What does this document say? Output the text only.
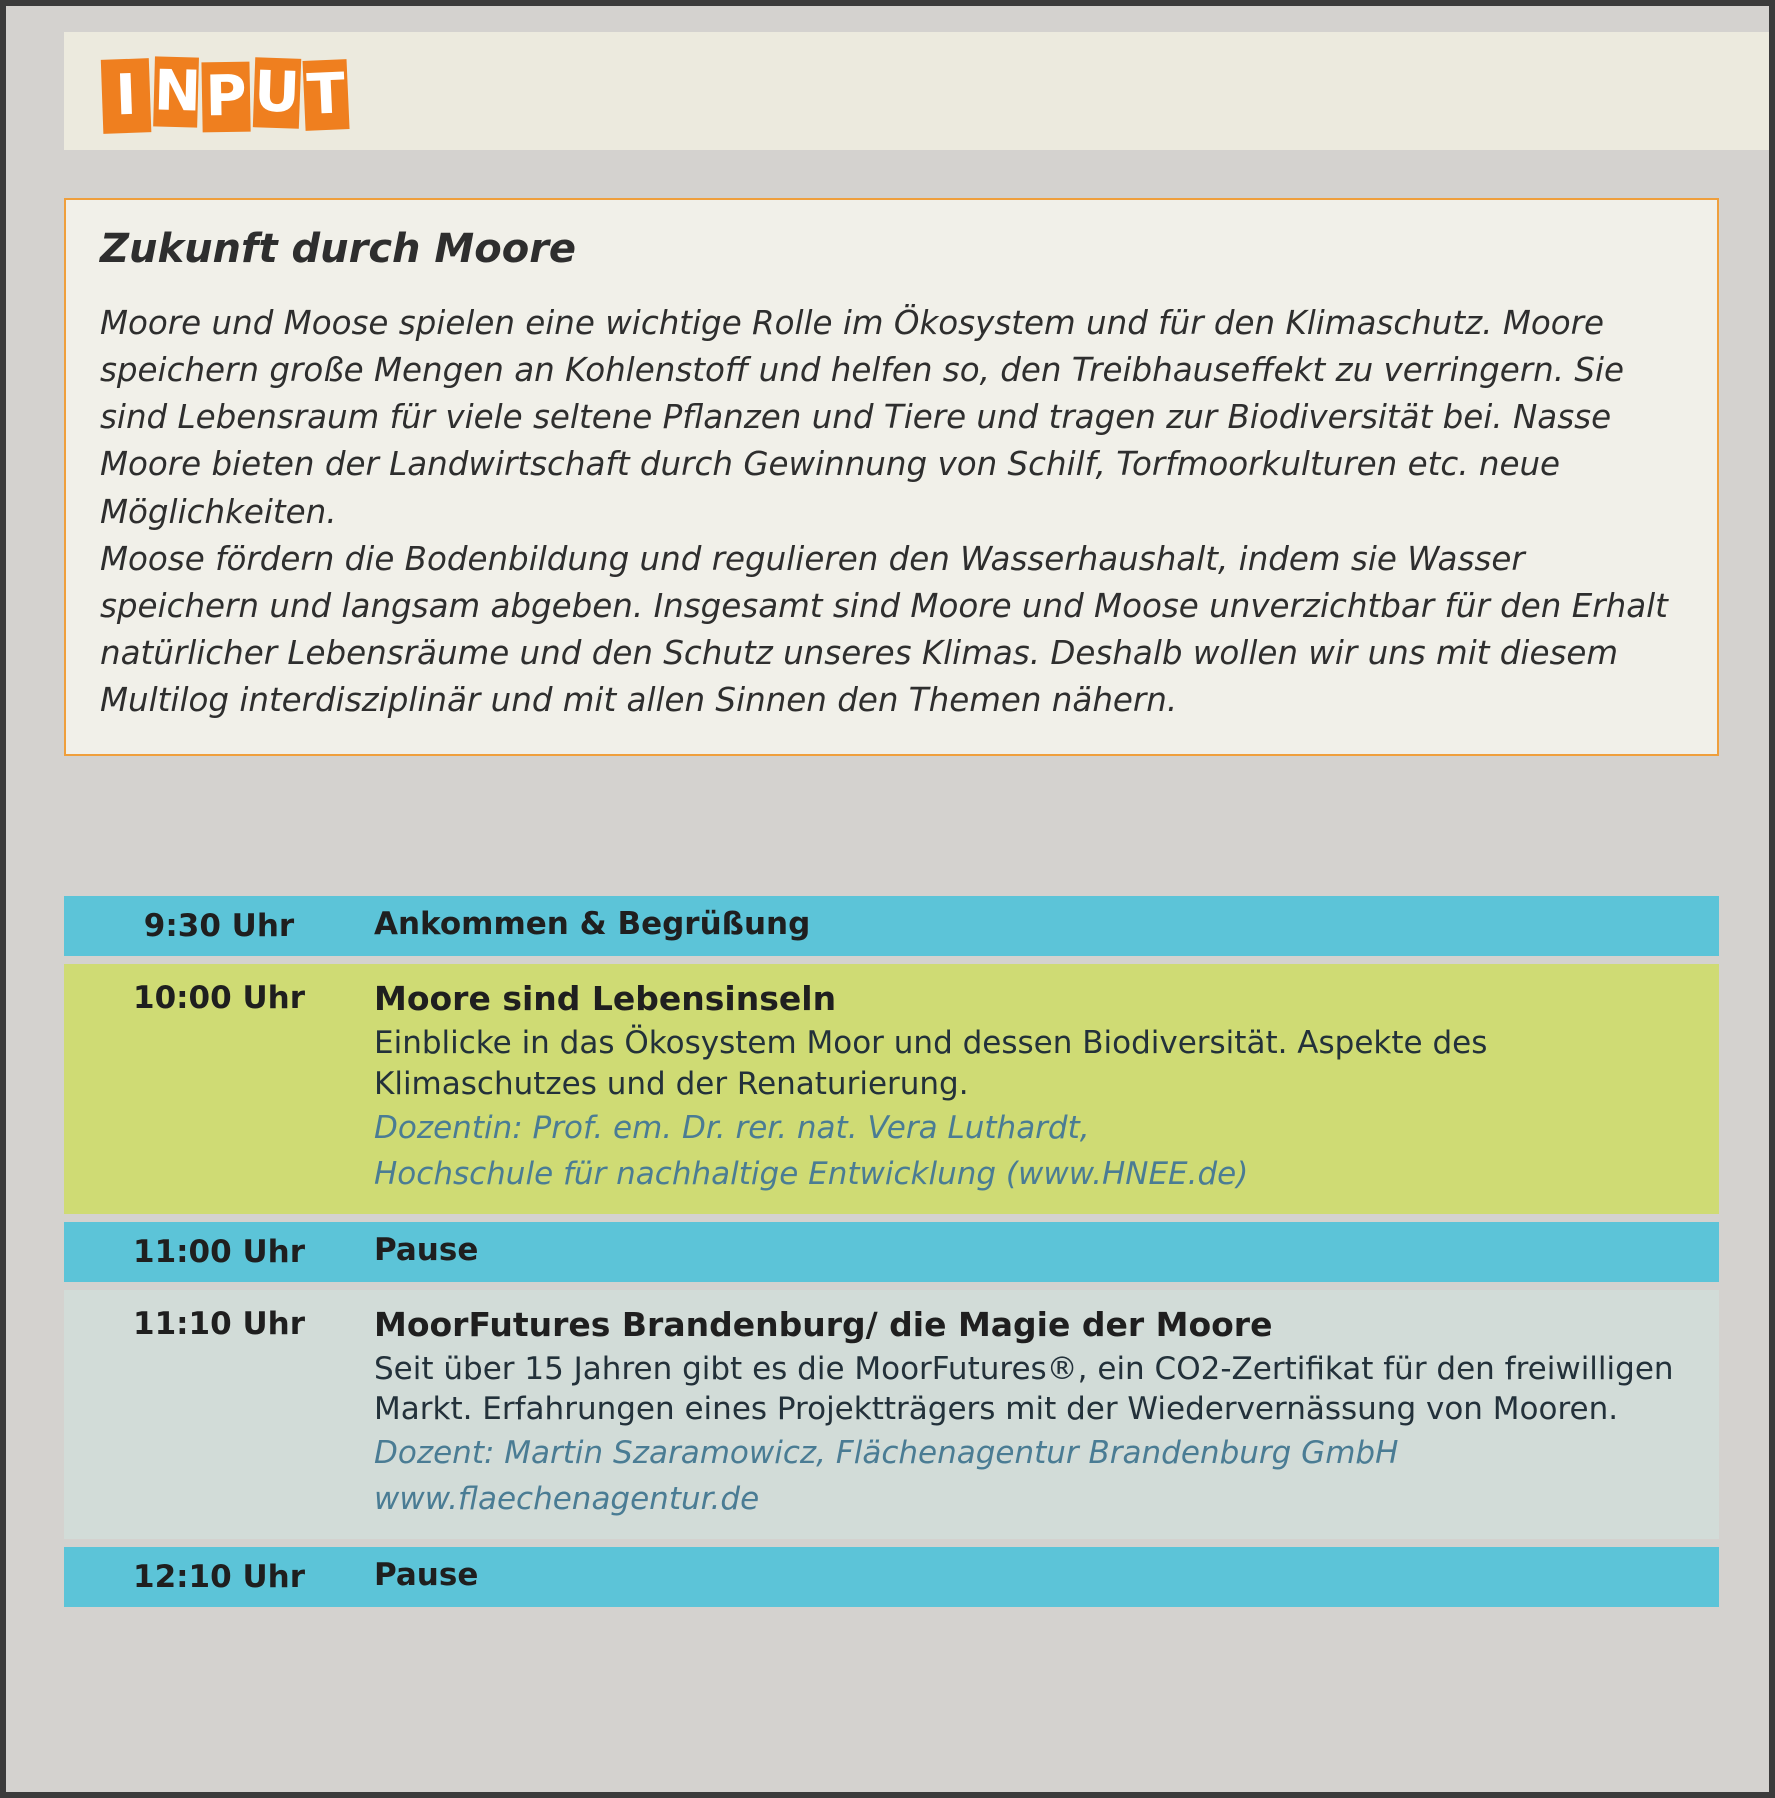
I N P U T
Zukunft durch Moore

Moore und Moose spielen eine wichtige Rolle im Ökosystem und für den Klimaschutz. Moore speichern große Mengen an Kohlenstoff und helfen so, den Treibhauseffekt zu verringern. Sie sind Lebensraum für viele seltene Pflanzen und Tiere und tragen zur Biodiversität bei. Nasse Moore bieten der Landwirtschaft durch Gewinnung von Schilf, Torfmoorkulturen etc. neue Möglichkeiten.

Moose fördern die Bodenbildung und regulieren den Wasserhaushalt, indem sie Wasser speichern und langsam abgeben. Insgesamt sind Moore und Moose unverzichtbar für den Erhalt natürlicher Lebensräume und den Schutz unseres Klimas. Deshalb wollen wir uns mit diesem Multilog interdisziplinär und mit allen Sinnen den Themen nähern.

9:30 Uhr	Ankommen & Begrüßung
10:00 Uhr	Moore sind Lebensinseln

Einblicke in das Ökosystem Moor und dessen Biodiversität. Aspekte des Klimaschutzes und der Renaturierung.

Dozentin: Prof. em. Dr. rer. nat. Vera Luthardt,

Hochschule für nachhaltige Entwicklung (www.HNEE.de)

11:00 Uhr	Pause
11:10 Uhr	MoorFutures Brandenburg/ die Magie der Moore

Seit über 15 Jahren gibt es die MoorFutures®, ein CO2-Zertifikat für den freiwilligen Markt. Erfahrungen eines Projektträgers mit der Wiedervernässung von Mooren.

Dozent: Martin Szaramowicz, Flächenagentur Brandenburg GmbH

www.flaechenagentur.de

12:10 Uhr	Pause
